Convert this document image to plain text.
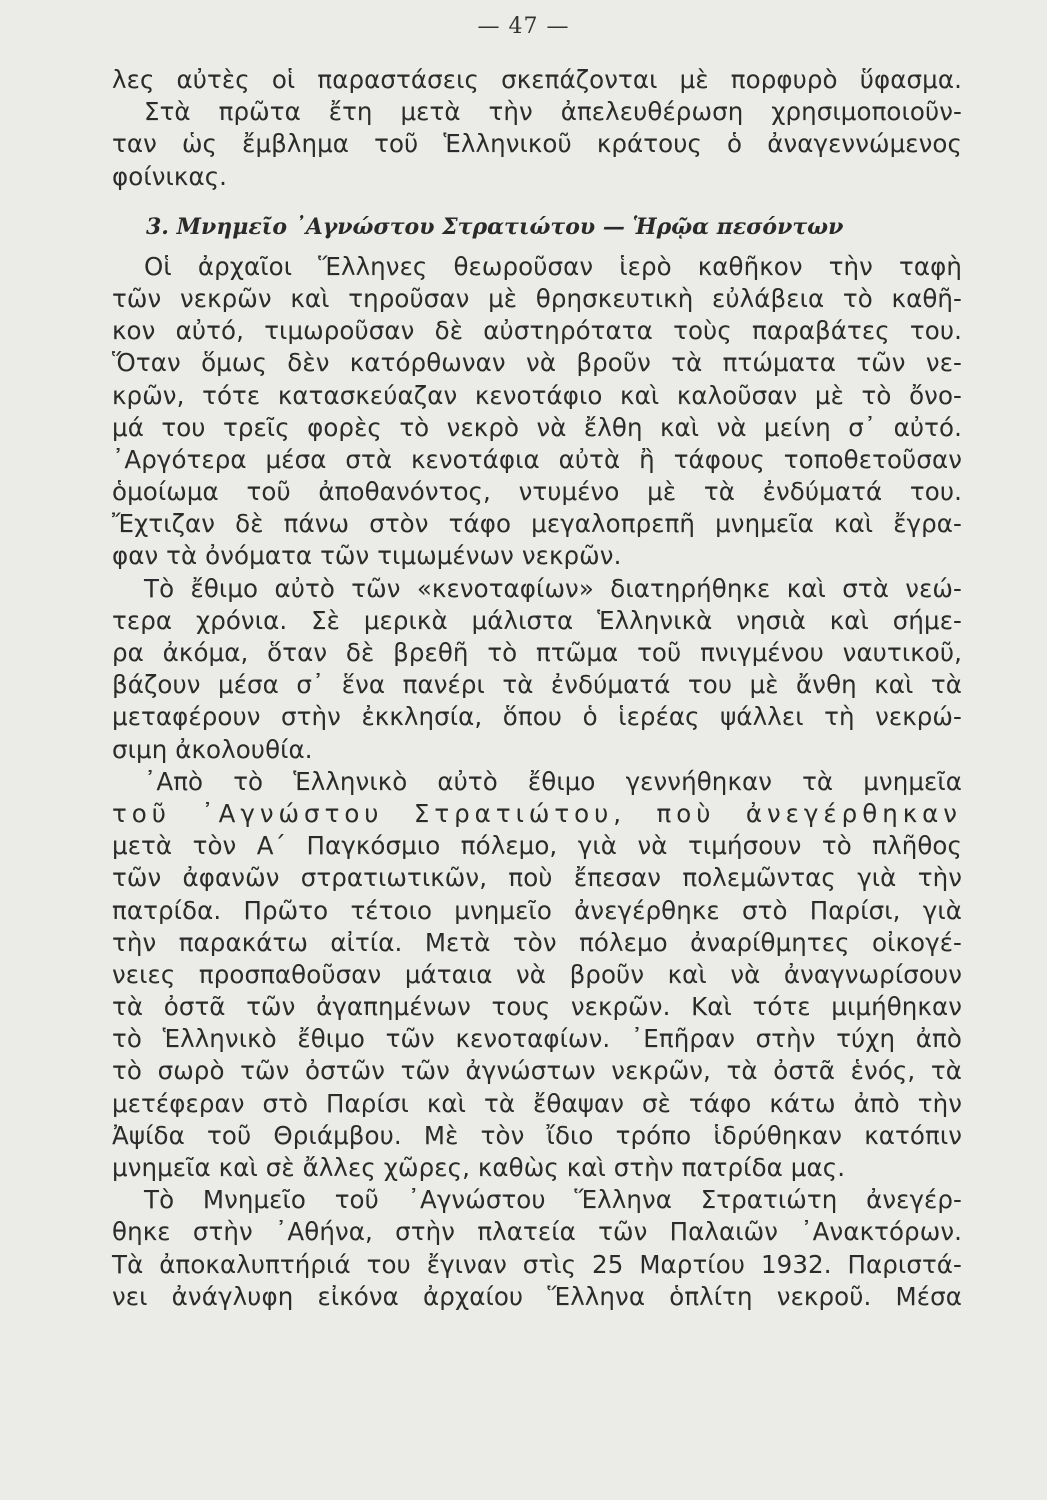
— 47 —
λες αὐτὲς οἱ παραστάσεις σκεπάζονται μὲ πορφυρὸ ὕφασμα.
Στὰ πρῶτα ἔτη μετὰ τὴν ἀπελευθέρωση χρησιμοποιοῦν-
ταν ὡς ἔμβλημα τοῦ Ἑλληνικοῦ κράτους ὁ ἀναγεννώμενος
φοίνικας.
3. Μνημεῖο ᾿Αγνώστου Στρατιώτου — Ἡρῷα πεσόντων
Οἱ ἀρχαῖοι Ἕλληνες θεωροῦσαν ἱερὸ καθῆκον τὴν ταφὴ
τῶν νεκρῶν καὶ τηροῦσαν μὲ θρησκευτικὴ εὐλάβεια τὸ καθῆ-
κον αὐτό, τιμωροῦσαν δὲ αὐστηρότατα τοὺς παραβάτες του.
Ὅταν ὅμως δὲν κατόρθωναν νὰ βροῦν τὰ πτώματα τῶν νε-
κρῶν, τότε κατασκεύαζαν κενοτάφιο καὶ καλοῦσαν μὲ τὸ ὄνο-
μά του τρεῖς φορὲς τὸ νεκρὸ νὰ ἔλθη καὶ νὰ μείνη σ᾿ αὐτό.
᾿Αργότερα μέσα στὰ κενοτάφια αὐτὰ ἢ τάφους τοποθετοῦσαν
ὁμοίωμα τοῦ ἀποθανόντος, ντυμένο μὲ τὰ ἐνδύματά του.
Ἔχτιζαν δὲ πάνω στὸν τάφο μεγαλοπρεπῆ μνημεῖα καὶ ἔγρα-
φαν τὰ ὀνόματα τῶν τιμωμένων νεκρῶν.
Τὸ ἔθιμο αὐτὸ τῶν «κενοταφίων» διατηρήθηκε καὶ στὰ νεώ-
τερα χρόνια. Σὲ μερικὰ μάλιστα Ἑλληνικὰ νησιὰ καὶ σήμε-
ρα ἀκόμα, ὅταν δὲ βρεθῆ τὸ πτῶμα τοῦ πνιγμένου ναυτικοῦ,
βάζουν μέσα σ᾿ ἕνα πανέρι τὰ ἐνδύματά του μὲ ἄνθη καὶ τὰ
μεταφέρουν στὴν ἐκκλησία, ὅπου ὁ ἱερέας ψάλλει τὴ νεκρώ-
σιμη ἀκολουθία.
᾿Απὸ τὸ Ἑλληνικὸ αὐτὸ ἔθιμο γεννήθηκαν τὰ μνημεῖα
τοῦ ᾿Αγνώστου Στρατιώτου, ποὺ ἀνεγέρθηκαν
μετὰ τὸν Α΄ Παγκόσμιο πόλεμο, γιὰ νὰ τιμήσουν τὸ πλῆθος
τῶν ἀφανῶν στρατιωτικῶν, ποὺ ἔπεσαν πολεμῶντας γιὰ τὴν
πατρίδα. Πρῶτο τέτοιο μνημεῖο ἀνεγέρθηκε στὸ Παρίσι, γιὰ
τὴν παρακάτω αἰτία. Μετὰ τὸν πόλεμο ἀναρίθμητες οἰκογέ-
νειες προσπαθοῦσαν μάταια νὰ βροῦν καὶ νὰ ἀναγνωρίσουν
τὰ ὀστᾶ τῶν ἀγαπημένων τους νεκρῶν. Καὶ τότε μιμήθηκαν
τὸ Ἑλληνικὸ ἔθιμο τῶν κενοταφίων. ᾿Επῆραν στὴν τύχη ἀπὸ
τὸ σωρὸ τῶν ὀστῶν τῶν ἀγνώστων νεκρῶν, τὰ ὀστᾶ ἑνός, τὰ
μετέφεραν στὸ Παρίσι καὶ τὰ ἔθαψαν σὲ τάφο κάτω ἀπὸ τὴν
Ἀψίδα τοῦ Θριάμβου. Μὲ τὸν ἴδιο τρόπο ἱδρύθηκαν κατόπιν
μνημεῖα καὶ σὲ ἄλλες χῶρες, καθὼς καὶ στὴν πατρίδα μας.
Τὸ Μνημεῖο τοῦ ᾿Αγνώστου Ἕλληνα Στρατιώτη ἀνεγέρ-
θηκε στὴν ᾿Αθήνα, στὴν πλατεία τῶν Παλαιῶν ᾿Ανακτόρων.
Τὰ ἀποκαλυπτήριά του ἔγιναν στὶς 25 Μαρτίου 1932. Παριστά-
νει ἀνάγλυφη εἰκόνα ἀρχαίου Ἕλληνα ὁπλίτη νεκροῦ. Μέσα
